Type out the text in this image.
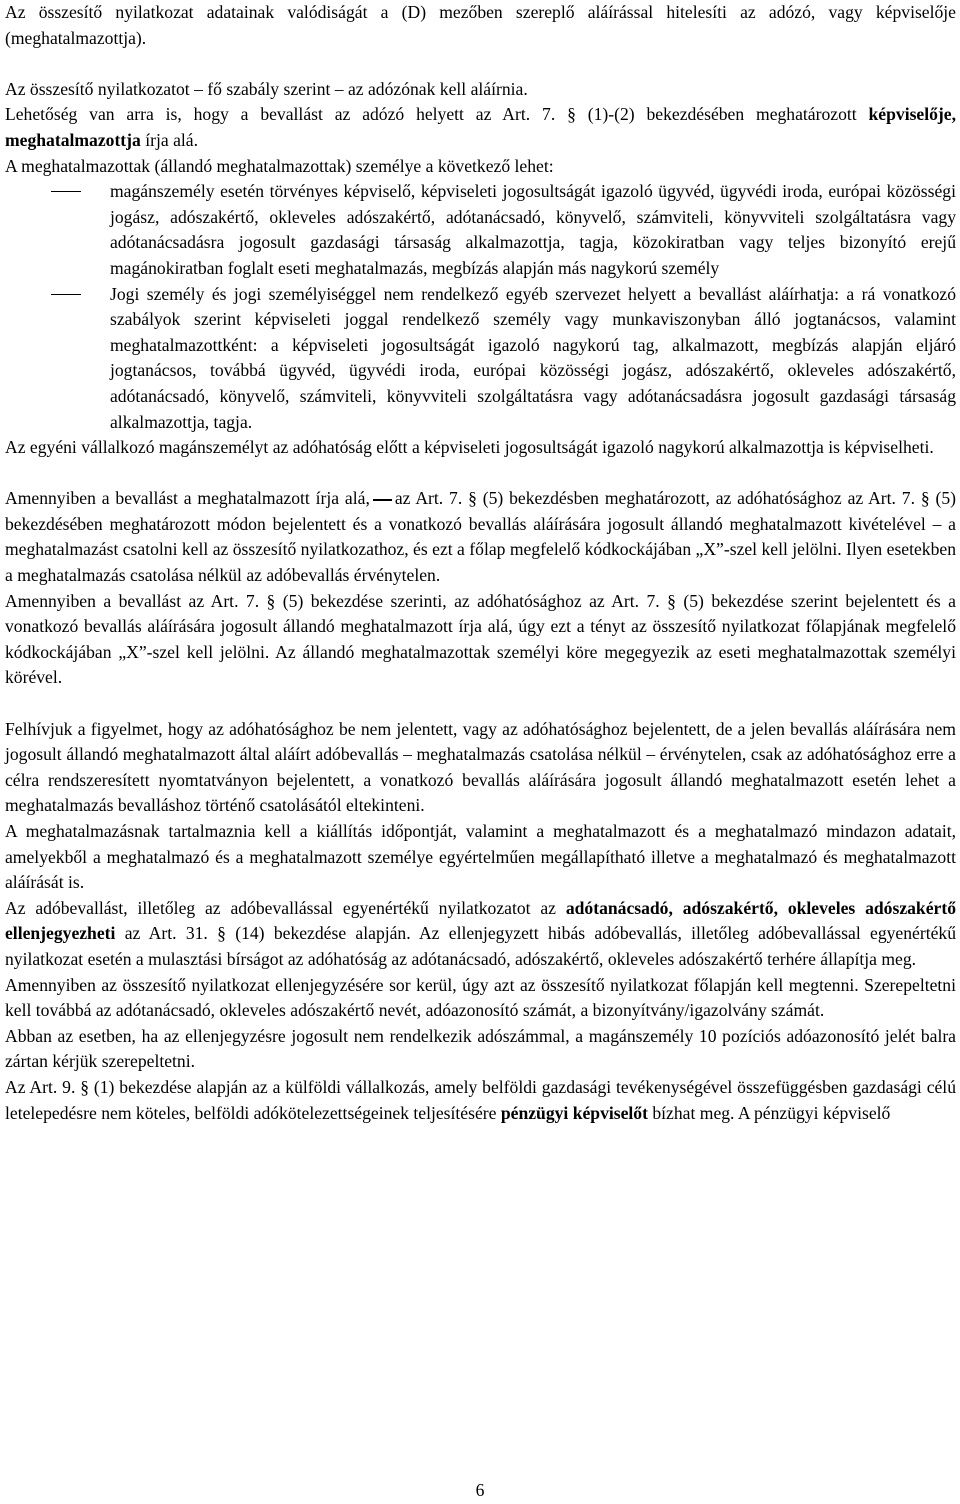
Az összesítő nyilatkozat adatainak valódiságát a (D) mezőben szereplő aláírással hitelesíti az adózó, vagy képviselője (meghatalmazottja).

Az összesítő nyilatkozatot – fő szabály szerint – az adózónak kell aláírnia.

Lehetőség van arra is, hogy a bevallást az adózó helyett az Art. 7. § (1)-(2) bekezdésében meghatározott képviselője, meghatalmazottja írja alá.

A meghatalmazottak (állandó meghatalmazottak) személye a következő lehet:

magánszemély esetén törvényes képviselő, képviseleti jogosultságát igazoló ügyvéd, ügyvédi iroda, európai közösségi jogász, adószakértő, okleveles adószakértő, adótanácsadó, könyvelő, számviteli, könyvviteli szolgáltatásra vagy adótanácsadásra jogosult gazdasági társaság alkalmazottja, tagja, közokiratban vagy teljes bizonyító erejű magánokiratban foglalt eseti meghatalmazás, megbízás alapján más nagykorú személy
Jogi személy és jogi személyiséggel nem rendelkező egyéb szervezet helyett a bevallást aláírhatja: a rá vonatkozó szabályok szerint képviseleti joggal rendelkező személy vagy munkaviszonyban álló jogtanácsos, valamint meghatalmazottként: a képviseleti jogosultságát igazoló nagykorú tag, alkalmazott, megbízás alapján eljáró jogtanácsos, továbbá ügyvéd, ügyvédi iroda, európai közösségi jogász, adószakértő, okleveles adószakértő, adótanácsadó, könyvelő, számviteli, könyvviteli szolgáltatásra vagy adótanácsadásra jogosult gazdasági társaság alkalmazottja, tagja.

Az egyéni vállalkozó magánszemélyt az adóhatóság előtt a képviseleti jogosultságát igazoló nagykorú alkalmazottja is képviselheti.

Amennyiben a bevallást a meghatalmazott írja alá, az Art. 7. § (5) bekezdésben meghatározott, az adóhatósághoz az Art. 7. § (5) bekezdésében meghatározott módon bejelentett és a vonatkozó bevallás aláírására jogosult állandó meghatalmazott kivételével – a meghatalmazást csatolni kell az összesítő nyilatkozathoz, és ezt a főlap megfelelő kódkockájában „X”-szel kell jelölni. Ilyen esetekben a meghatalmazás csatolása nélkül az adóbevallás érvénytelen.

Amennyiben a bevallást az Art. 7. § (5) bekezdése szerinti, az adóhatósághoz az Art. 7. § (5) bekezdése szerint bejelentett és a vonatkozó bevallás aláírására jogosult állandó meghatalmazott írja alá, úgy ezt a tényt az összesítő nyilatkozat főlapjának megfelelő kódkockájában „X”-szel kell jelölni. Az állandó meghatalmazottak személyi köre megegyezik az eseti meghatalmazottak személyi körével.

Felhívjuk a figyelmet, hogy az adóhatósághoz be nem jelentett, vagy az adóhatósághoz bejelentett, de a jelen bevallás aláírására nem jogosult állandó meghatalmazott által aláírt adóbevallás – meghatalmazás csatolása nélkül – érvénytelen, csak az adóhatósághoz erre a célra rendszeresített nyomtatványon bejelentett, a vonatkozó bevallás aláírására jogosult állandó meghatalmazott esetén lehet a meghatalmazás bevalláshoz történő csatolásától eltekinteni.

A meghatalmazásnak tartalmaznia kell a kiállítás időpontját, valamint a meghatalmazott és a meghatalmazó mindazon adatait, amelyekből a meghatalmazó és a meghatalmazott személye egyértelműen megállapítható illetve a meghatalmazó és meghatalmazott aláírását is.

Az adóbevallást, illetőleg az adóbevallással egyenértékű nyilatkozatot az adótanácsadó, adószakértő, okleveles adószakértő ellenjegyezheti az Art. 31. § (14) bekezdése alapján. Az ellenjegyzett hibás adóbevallás, illetőleg adóbevallással egyenértékű nyilatkozat esetén a mulasztási bírságot az adóhatóság az adótanácsadó, adószakértő, okleveles adószakértő terhére állapítja meg.

Amennyiben az összesítő nyilatkozat ellenjegyzésére sor kerül, úgy azt az összesítő nyilatkozat főlapján kell megtenni. Szerepeltetni kell továbbá az adótanácsadó, okleveles adószakértő nevét, adóazonosító számát, a bizonyítvány/igazolvány számát.

Abban az esetben, ha az ellenjegyzésre jogosult nem rendelkezik adószámmal, a magánszemély 10 pozíciós adóazonosító jelét balra zártan kérjük szerepeltetni.

Az Art. 9. § (1) bekezdése alapján az a külföldi vállalkozás, amely belföldi gazdasági tevékenységével összefüggésben gazdasági célú letelepedésre nem köteles, belföldi adókötelezettségeinek teljesítésére pénzügyi képviselőt bízhat meg. A pénzügyi képviselő

6
